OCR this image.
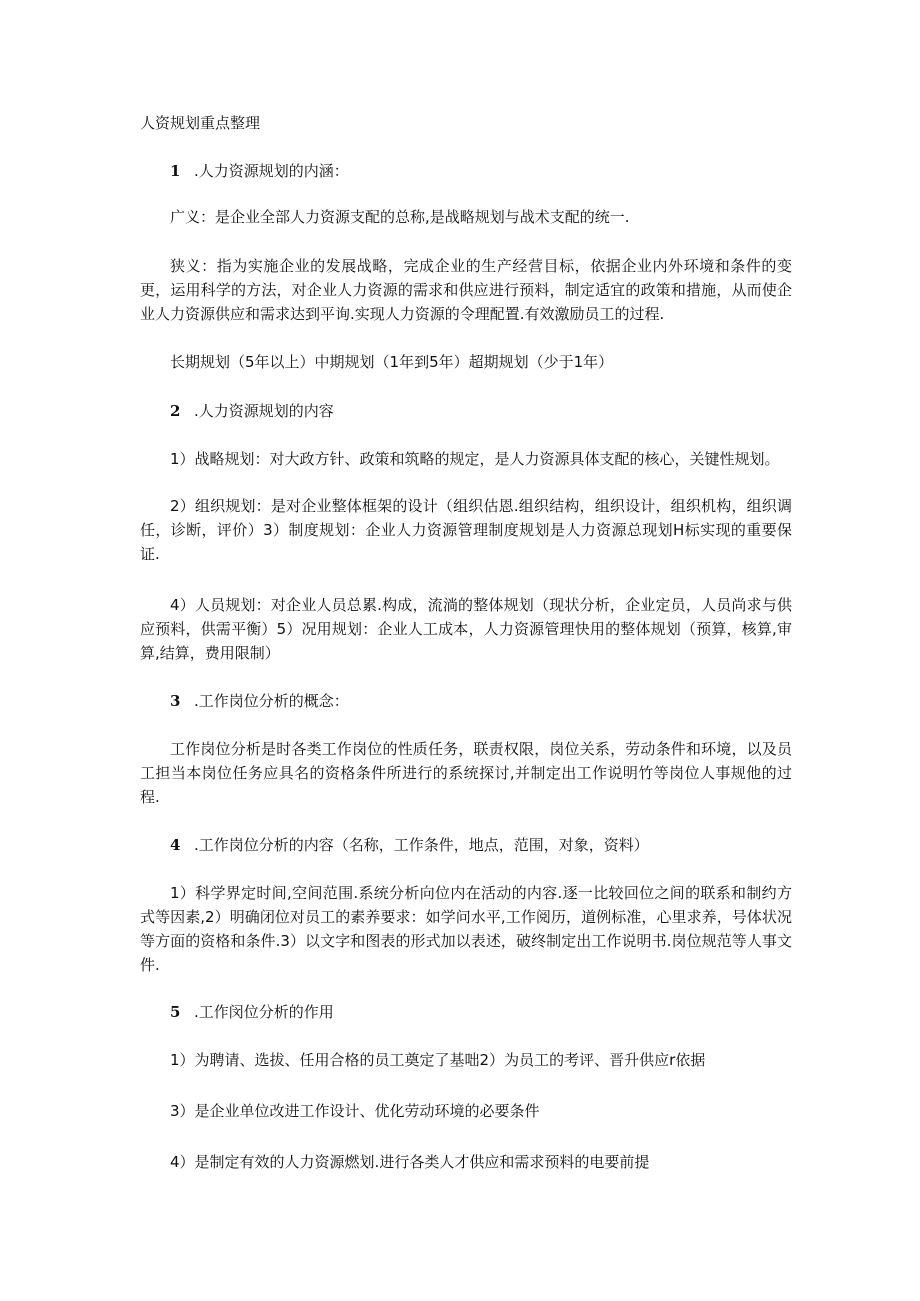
人资规划重点整理
1 .人力资源规划的内涵：
广义：是企业全部人力资源支配的总称,是战略规划与战术支配的统一.
狭义：指为实施企业的发展战略，完成企业的生产经营目标，依据企业内外环境和条件的变更，运用科学的方法，对企业人力资源的需求和供应进行预料，制定适宜的政策和措施，从而使企业人力资源供应和需求达到平询.实现人力资源的令理配置.有效激励员工的过程.
长期规划（5年以上）中期规划（1年到5年）超期规划（少于1年）
2 .人力资源规划的内容
1）战略规划：对大政方针、政策和筑略的规定，是人力资源具体支配的核心，关键性规划。
2）组织规划：是对企业整体框架的设计（组织估恩.组织结构，组织设计，组织机构，组织调任，诊断，评价）3）制度规划：企业人力资源管理制度规划是人力资源总现划H标实现的重要保证.
4）人员规划：对企业人员总累.构成，流淌的整体规划（现状分析，企业定员，人员尚求与供应预料，供需平衡）5）况用规划：企业人工成本，人力资源管理快用的整体规划（预算，核算,审算,结算，费用限制）
3 .工作岗位分析的概念：
工作岗位分析是时各类工作岗位的性质任务，联责权限，岗位关系，劳动条件和环境，以及员工担当本岗位任务应具名的资格条件所进行的系统探讨,并制定出工作说明竹等岗位人事规他的过程.
4 .工作岗位分析的内容（名称，工作条件，地点，范围，对象，资料）
1）科学界定时间,空间范围.系统分析向位内在活动的内容.逐一比较回位之间的联系和制约方式等因素,2）明确闭位对员工的素养要求：如学问水平,工作阅历，道例标准，心里求养，号体状况等方面的资格和条件.3）以文字和图表的形式加以表述，破终制定出工作说明书.岗位规范等人事文件.
5 .工作闵位分析的作用
1）为聘请、选拔、任用合格的员工奠定了基咄2）为员工的考评、晋升供应r依据
3）是企业单位改进工作设计、优化劳动环境的必要条件
4）是制定有效的人力资源燃划.进行各类人才供应和需求预料的电要前提
